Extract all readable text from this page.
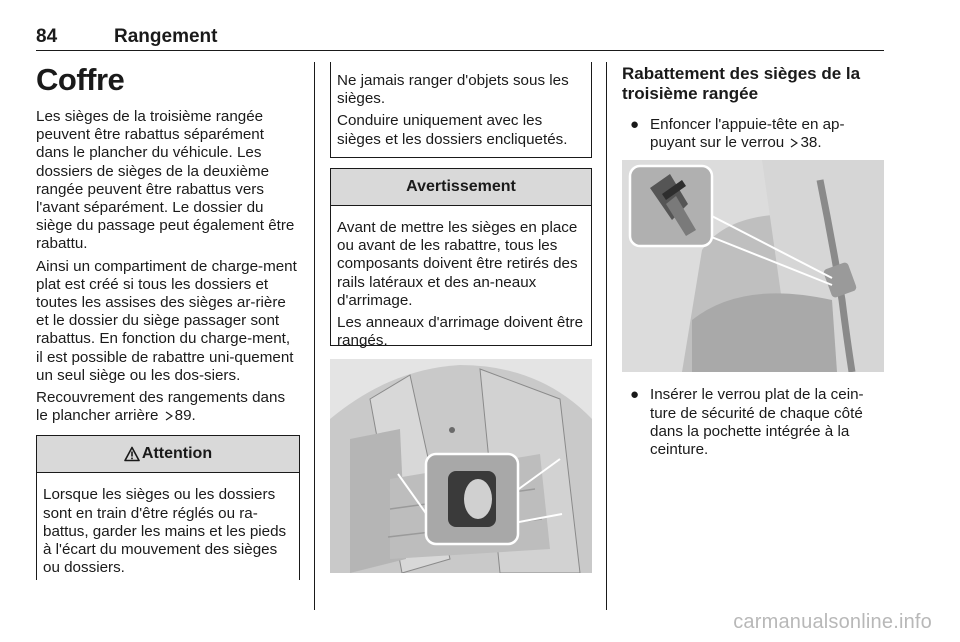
84	Rangement
Coffre

Les sièges de la troisième rangée peuvent être rabattus séparément dans le plancher du véhicule. Les dossiers de sièges de la deuxième rangée peuvent être rabattus vers l'avant séparément. Le dossier du siège du passage peut également être rabattu.

Ainsi un compartiment de charge-ment plat est créé si tous les dossiers et toutes les assises des sièges ar-rière et le dossier du siège passager sont rabattus. En fonction du charge-ment, il est possible de rabattre uni-quement un seul siège ou les dos-siers.

Recouvrement des rangements dans le plancher arrière 89.

Attention

Lorsque les sièges ou les dossiers sont en train d'être réglés ou ra-battus, garder les mains et les pieds à l'écart du mouvement des sièges ou dossiers.

Ne jamais ranger d'objets sous les sièges.

Conduire uniquement avec les sièges et les dossiers encliquetés.

Avertissement

Avant de mettre les sièges en place ou avant de les rabattre, tous les composants doivent être retirés des rails latéraux et des an-neaux d'arrimage.

Les anneaux d'arrimage doivent être rangés.

Rabattement des sièges de la troisième rangée
● Enfoncer l'appuie-tête en ap-puyant sur le verrou 38.
● Insérer le verrou plat de la cein-ture de sécurité de chaque côté dans la pochette intégrée à la ceinture.
carmanualsonline.info
